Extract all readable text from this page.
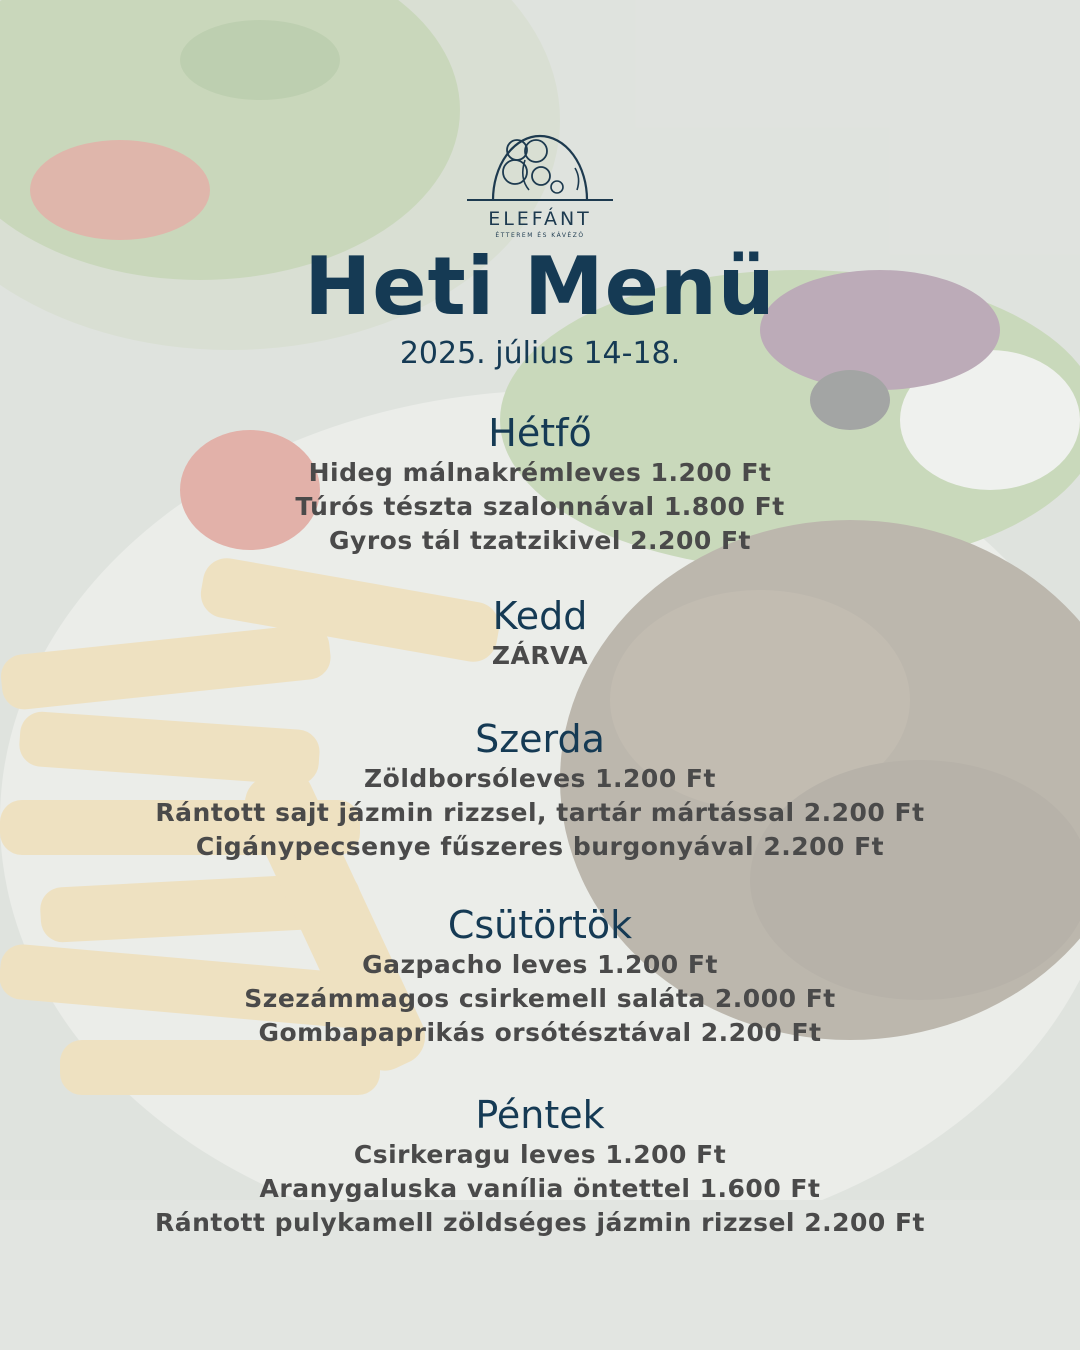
ELEFÁNT
ÉTTEREM ÉS KÁVÉZÓ
Heti Menü
2025. július 14-18.
Hétfő
Hideg málnakrémleves 1.200 Ft
Túrós tészta szalonnával 1.800 Ft
Gyros tál tzatzikivel 2.200 Ft
Kedd
ZÁRVA
Szerda
Zöldborsóleves 1.200 Ft
Rántott sajt jázmin rizzsel, tartár mártással 2.200 Ft
Cigánypecsenye fűszeres burgonyával 2.200 Ft
Csütörtök
Gazpacho leves 1.200 Ft
Szezámmagos csirkemell saláta 2.000 Ft
Gombapaprikás orsótésztával 2.200 Ft
Péntek
Csirkeragu leves 1.200 Ft
Aranygaluska vanília öntettel 1.600 Ft
Rántott pulykamell zöldséges jázmin rizzsel 2.200 Ft
